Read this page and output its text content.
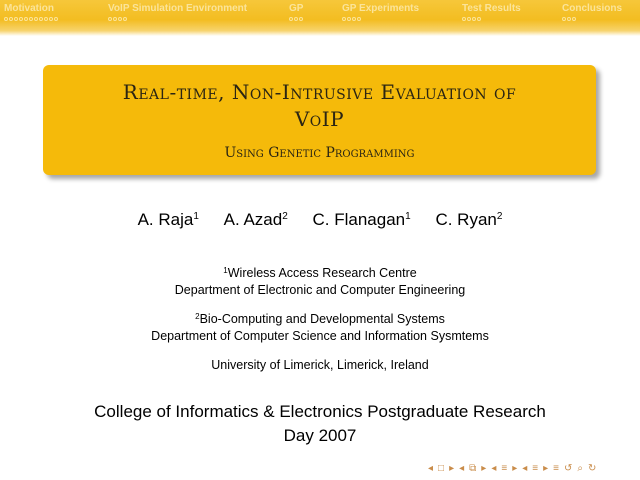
Motivation	VoIP Simulation Environment	GP	GP Experiments	Test Results	Conclusions
Real-time, Non-Intrusive Evaluation of
VoIP
Using Genetic Programming
A. Raja$^1$ A. Azad$^2$ C. Flanagan$^1$ C. Ryan$^2$
$^1$Wireless Access Research Centre
Department of Electronic and Computer Engineering
$^2$Bio-Computing and Developmental Systems
Department of Computer Science and Information Sysmtems
University of Limerick, Limerick, Ireland
College of Informatics & Electronics Postgraduate Research
Day 2007
◂ □ ▸ ◂ ⧉ ▸ ◂ ≡ ▸ ◂ ≡ ▸ ≡ ↺ ⌕ ↻
